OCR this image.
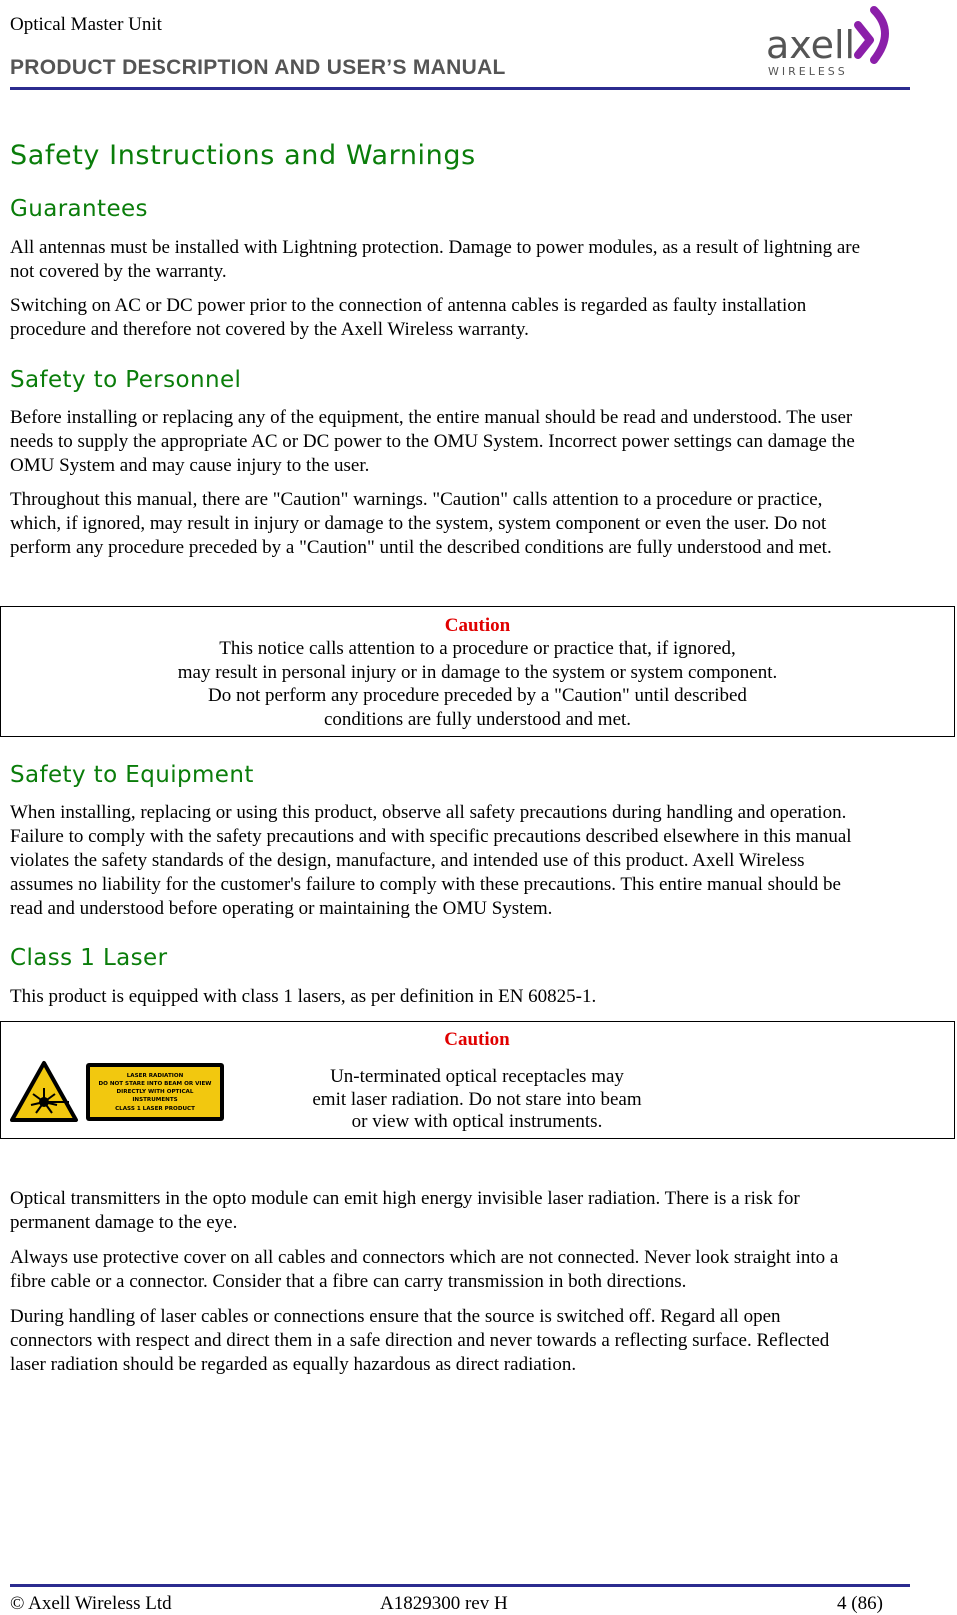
Optical Master Unit
PRODUCT DESCRIPTION AND USER’S MANUAL
axell
WIRELESS
Safety Instructions and Warnings
Guarantees
All antennas must be installed with Lightning protection. Damage to power modules, as a result of lightning are
not covered by the warranty.
Switching on AC or DC power prior to the connection of antenna cables is regarded as faulty installation
procedure and therefore not covered by the Axell Wireless warranty.
Safety to Personnel
Before installing or replacing any of the equipment, the entire manual should be read and understood. The user
needs to supply the appropriate AC or DC power to the OMU System. Incorrect power settings can damage the
OMU System and may cause injury to the user.
Throughout this manual, there are "Caution" warnings. "Caution" calls attention to a procedure or practice,
which, if ignored, may result in injury or damage to the system, system component or even the user. Do not
perform any procedure preceded by a "Caution" until the described conditions are fully understood and met.
Caution
This notice calls attention to a procedure or practice that, if ignored,
may result in personal injury or in damage to the system or system component.
Do not perform any procedure preceded by a "Caution" until described
conditions are fully understood and met.
Safety to Equipment
When installing, replacing or using this product, observe all safety precautions during handling and operation.
Failure to comply with the safety precautions and with specific precautions described elsewhere in this manual
violates the safety standards of the design, manufacture, and intended use of this product. Axell Wireless
assumes no liability for the customer's failure to comply with these precautions. This entire manual should be
read and understood before operating or maintaining the OMU System.
Class 1 Laser
This product is equipped with class 1 lasers, as per definition in EN 60825-1.
LASER RADIATION
DO NOT STARE INTO BEAM OR VIEW
DIRECTLY WITH OPTICAL
INSTRUMENTS
CLASS 1 LASER PRODUCT
Caution
Un-terminated optical receptacles may
emit laser radiation. Do not stare into beam
or view with optical instruments.
Optical transmitters in the opto module can emit high energy invisible laser radiation. There is a risk for
permanent damage to the eye.
Always use protective cover on all cables and connectors which are not connected. Never look straight into a
fibre cable or a connector. Consider that a fibre can carry transmission in both directions.
During handling of laser cables or connections ensure that the source is switched off. Regard all open
connectors with respect and direct them in a safe direction and never towards a reflecting surface. Reflected
laser radiation should be regarded as equally hazardous as direct radiation.
© Axell Wireless Ltd	A1829300 rev H	4 (86)
